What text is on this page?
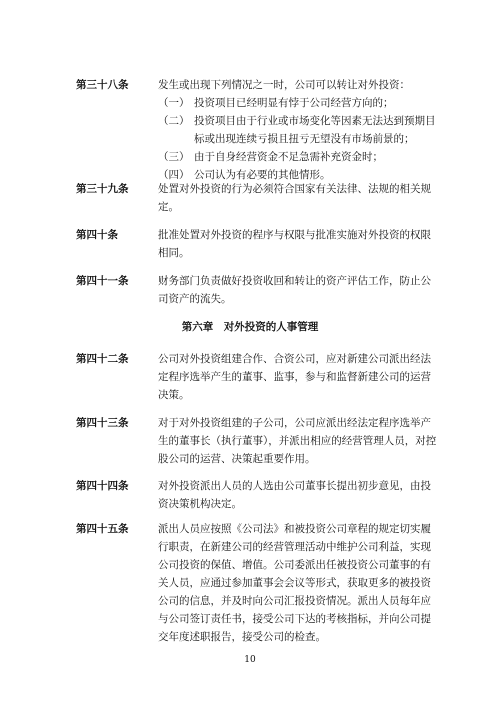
第三十八条	发生或出现下列情况之一时，公司可以转让对外投资：

（一） 投资项目已经明显有悖于公司经营方向的；
（二） 投资项目由于行业或市场变化等因素无法达到预期目标或出现连续亏损且扭亏无望没有市场前景的；
（三） 由于自身经营资金不足急需补充资金时；
（四） 公司认为有必要的其他情形。
第三十九条	处置对外投资的行为必须符合国家有关法律、法规的相关规定。
第四十条	批准处置对外投资的程序与权限与批准实施对外投资的权限相同。
第四十一条	财务部门负责做好投资收回和转让的资产评估工作，防止公司资产的流失。
第六章　对外投资的人事管理
第四十二条	公司对外投资组建合作、合资公司，应对新建公司派出经法定程序选举产生的董事、监事，参与和监督新建公司的运营决策。
第四十三条	对于对外投资组建的子公司，公司应派出经法定程序选举产生的董事长（执行董事），并派出相应的经营管理人员，对控股公司的运营、决策起重要作用。
第四十四条	对外投资派出人员的人选由公司董事长提出初步意见，由投资决策机构决定。
第四十五条	派出人员应按照《公司法》和被投资公司章程的规定切实履行职责，在新建公司的经营管理活动中维护公司利益，实现公司投资的保值、增值。公司委派出任被投资公司董事的有关人员，应通过参加董事会会议等形式，获取更多的被投资公司的信息，并及时向公司汇报投资情况。派出人员每年应与公司签订责任书，接受公司下达的考核指标，并向公司提交年度述职报告，接受公司的检查。
10
